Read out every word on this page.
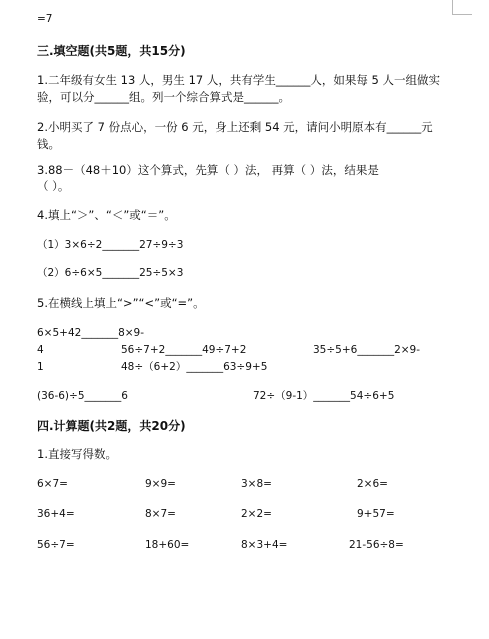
=7
三.填空题(共5题，共15分)
1.二年级有女生 13 人，男生 17 人，共有学生______人，如果每 5 人一组做实
验，可以分______组。列一个综合算式是______。
2.小明买了 7 份点心，一份 6 元，身上还剩 54 元，请问小明原本有______元
钱。
3.88－（48＋10）这个算式，先算（ ）法， 再算（ ）法，结果是
（ ）。
4.填上“＞”、“＜”或“＝”。
（1）3×6÷2_______27÷9÷3
（2）6÷6×5_______25÷5×3
5.在横线上填上“>”“<”或“=”。
6×5+42_______8×9-
4	56÷7+2_______49÷7+2	35÷5+6_______2×9-
1	48÷（6+2）_______63÷9+5
(36-6)÷5_______6	72÷（9-1）_______54÷6+5
四.计算题(共2题，共20分)
1.直接写得数。
6×7=	9×9=	3×8=	2×6=
36+4=	8×7=	2×2=	9+57=
56÷7=	18+60=	8×3+4=	21-56÷8=
